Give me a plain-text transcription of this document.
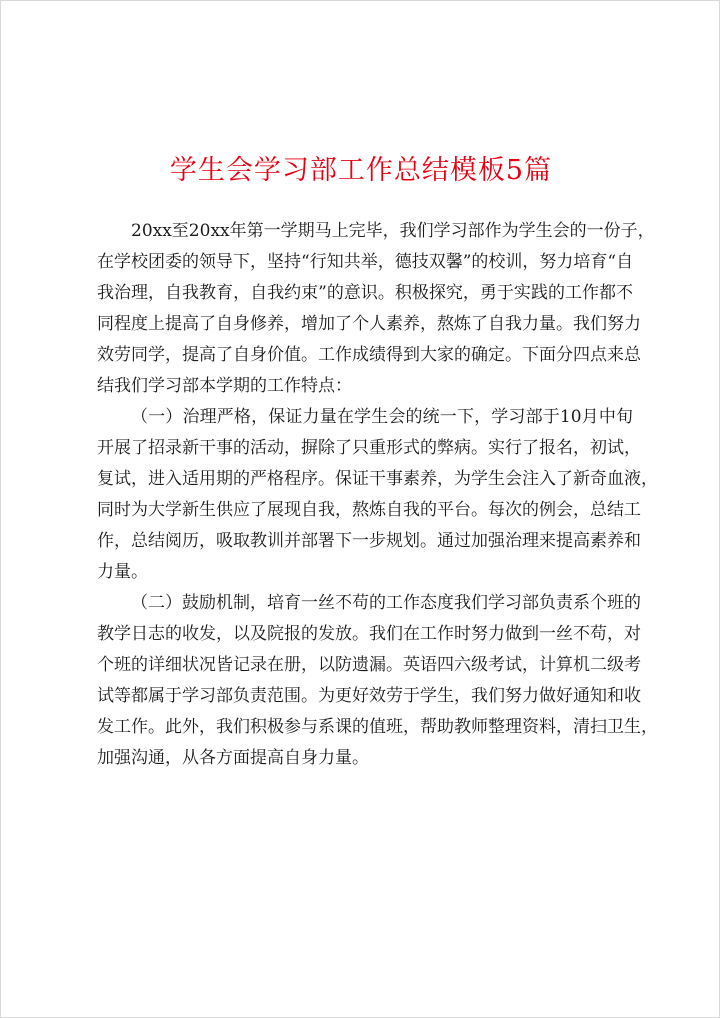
学生会学习部工作总结模板5篇

20xx至20xx年第一学期马上完毕，我们学习部作为学生会的一份子，
在学校团委的领导下，坚持“行知共举，德技双馨”的校训，努力培育“自
我治理，自我教育，自我约束”的意识。积极探究，勇于实践的工作都不
同程度上提高了自身修养，增加了个人素养，熬炼了自我力量。我们努力
效劳同学，提高了自身价值。工作成绩得到大家的确定。下面分四点来总
结我们学习部本学期的工作特点：

（一）治理严格，保证力量在学生会的统一下，学习部于10月中旬
开展了招录新干事的活动，摒除了只重形式的弊病。实行了报名，初试，
复试，进入适用期的严格程序。保证干事素养，为学生会注入了新奇血液，
同时为大学新生供应了展现自我，熬炼自我的平台。每次的例会，总结工
作，总结阅历，吸取教训并部署下一步规划。通过加强治理来提高素养和
力量。

（二）鼓励机制，培育一丝不苟的工作态度我们学习部负责系个班的
教学日志的收发，以及院报的发放。我们在工作时努力做到一丝不苟，对
个班的详细状况皆记录在册，以防遗漏。英语四六级考试，计算机二级考
试等都属于学习部负责范围。为更好效劳于学生，我们努力做好通知和收
发工作。此外，我们积极参与系课的值班，帮助教师整理资料，清扫卫生，
加强沟通，从各方面提高自身力量。
